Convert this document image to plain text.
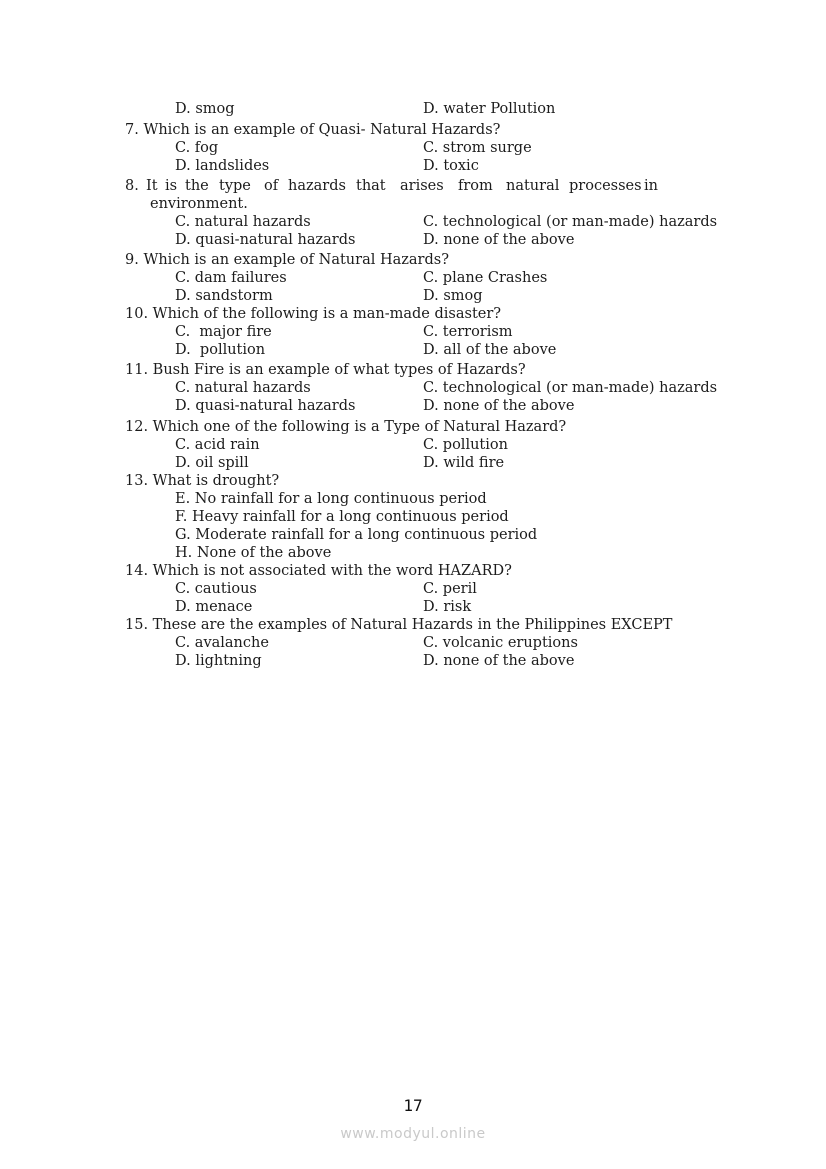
D. smog	D. water Pollution
7. Which is an example of Quasi- Natural Hazards?
C. fog	C. strom surge
D. landslides	D. toxic
8. It is the type of hazards that arises from natural processes in
environment.
C. natural hazards	C. technological (or man-made) hazards
D. quasi-natural hazards	D. none of the above
9. Which is an example of Natural Hazards?
C. dam failures	C. plane Crashes
D. sandstorm	D. smog
10. Which of the following is a man-made disaster?
C.  major fire	C. terrorism
D.  pollution	D. all of the above
11. Bush Fire is an example of what types of Hazards?
C. natural hazards	C. technological (or man-made) hazards
D. quasi-natural hazards	D. none of the above
12. Which one of the following is a Type of Natural Hazard?
C. acid rain	C. pollution
D. oil spill	D. wild fire
13. What is drought?
E. No rainfall for a long continuous period
F. Heavy rainfall for a long continuous period
G. Moderate rainfall for a long continuous period
H. None of the above
14. Which is not associated with the word HAZARD?
C. cautious	C. peril
D. menace	D. risk
15. These are the examples of Natural Hazards in the Philippines EXCEPT
C. avalanche	C. volcanic eruptions
D. lightning	D. none of the above
17
www.modyul.online
